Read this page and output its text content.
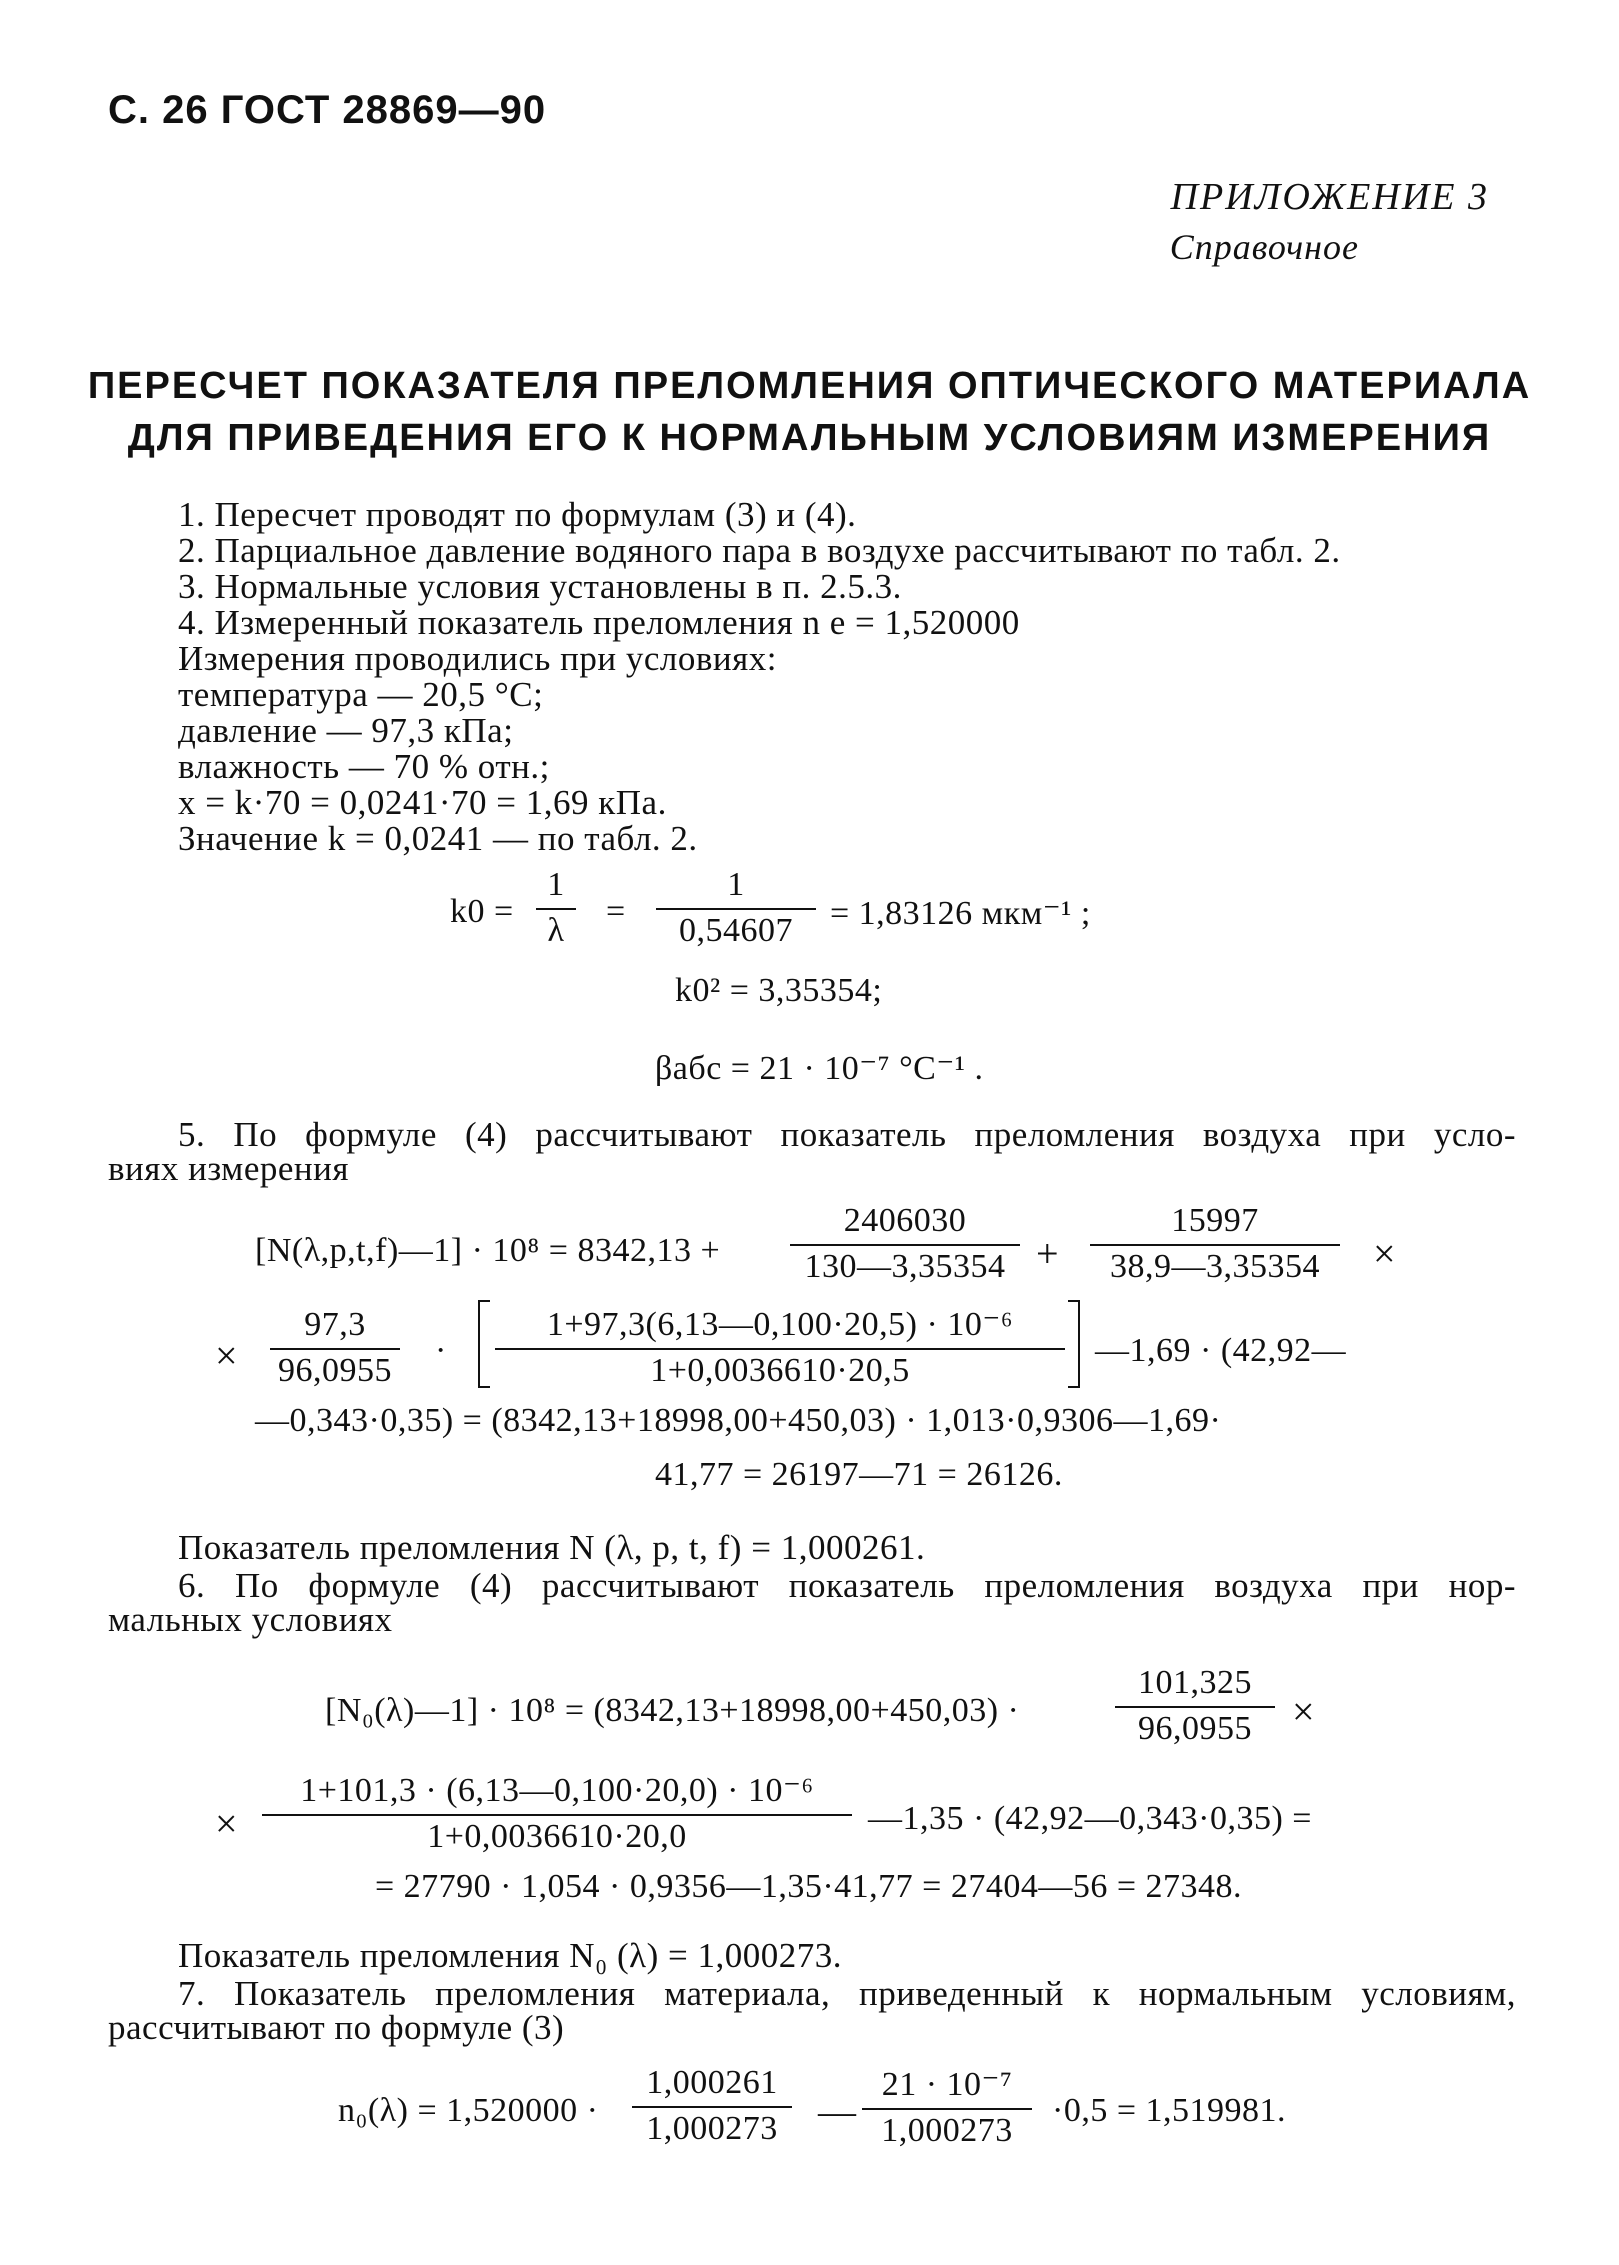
С. 26 ГОСТ 28869—90
ПРИЛОЖЕНИЕ 3
Справочное
ПЕРЕСЧЕТ ПОКАЗАТЕЛЯ ПРЕЛОМЛЕНИЯ ОПТИЧЕСКОГО МАТЕРИАЛА
ДЛЯ ПРИВЕДЕНИЯ ЕГО К НОРМАЛЬНЫМ УСЛОВИЯМ ИЗМЕРЕНИЯ
1. Пересчет проводят по формулам (3) и (4).
2. Парциальное давление водяного пара в воздухе рассчитывают по табл. 2.
3. Нормальные условия установлены в п. 2.5.3.
4. Измеренный показатель преломления n e = 1,520000
Измерения проводились при условиях:
температура — 20,5 °С;
давление — 97,3 кПа;
влажность — 70 % отн.;
x = k·70 = 0,0241·70 = 1,69 кПа.
Значение k = 0,0241 — по табл. 2.
$k0 = \frac{1}{\lambda} = \frac{1}{0,54607} = 1,83126$ мкм⁻¹ ;
k0² = 3,35354;
βабс = 21 · 10⁻⁷ °С⁻¹ .
5. По формуле (4) рассчитывают показатель преломления воздуха при усло-
виях измерения
[N(λ,p,t,f)—1] · $10^8 = 8342,13 + \frac{2406030}{130—3,35354} + \frac{15997}{38,9—3,35354}$ ×
× $\frac{97,3}{96,0955} \cdot \frac{\text{1+97,3(6,13—0,100·20,5) · 10⁻⁶}}{1+0,0036610\cdot 20,5}$ —1,69 · (42,92—
—0,343·0,35) = (8342,13+18998,00+450,03) · 1,013·0,9306—1,69·
41,77 = 26197—71 = 26126.
Показатель преломления N (λ, p, t, f) = 1,000261.
6. По формуле (4) рассчитывают показатель преломления воздуха при нор-
мальных условиях
[N₀(λ)—1] · 10⁸ = (8342,13+18998,00+450,03) ·	$\frac{101,325}{96,0955}$ ×
× $\frac{\text{1+101,3 · (6,13—0,100·20,0) · 10⁻⁶}}{1+0,0036610\cdot 20,0}$ —1,35 · (42,92—0,343·0,35) =
= 27790 · 1,054 · 0,9356—1,35·41,77 = 27404—56 = 27348.
Показатель преломления N₀ (λ) = 1,000273.
7. Показатель преломления материала, приведенный к нормальным условиям,
рассчитывают по формуле (3)
$n_0(\lambda) = 1,520000 \cdot \frac{1,000261}{1,000273}$ — $\frac{\text{21 · 10⁻⁷}}{1,000273} \cdot 0,5 = 1,519981$.
